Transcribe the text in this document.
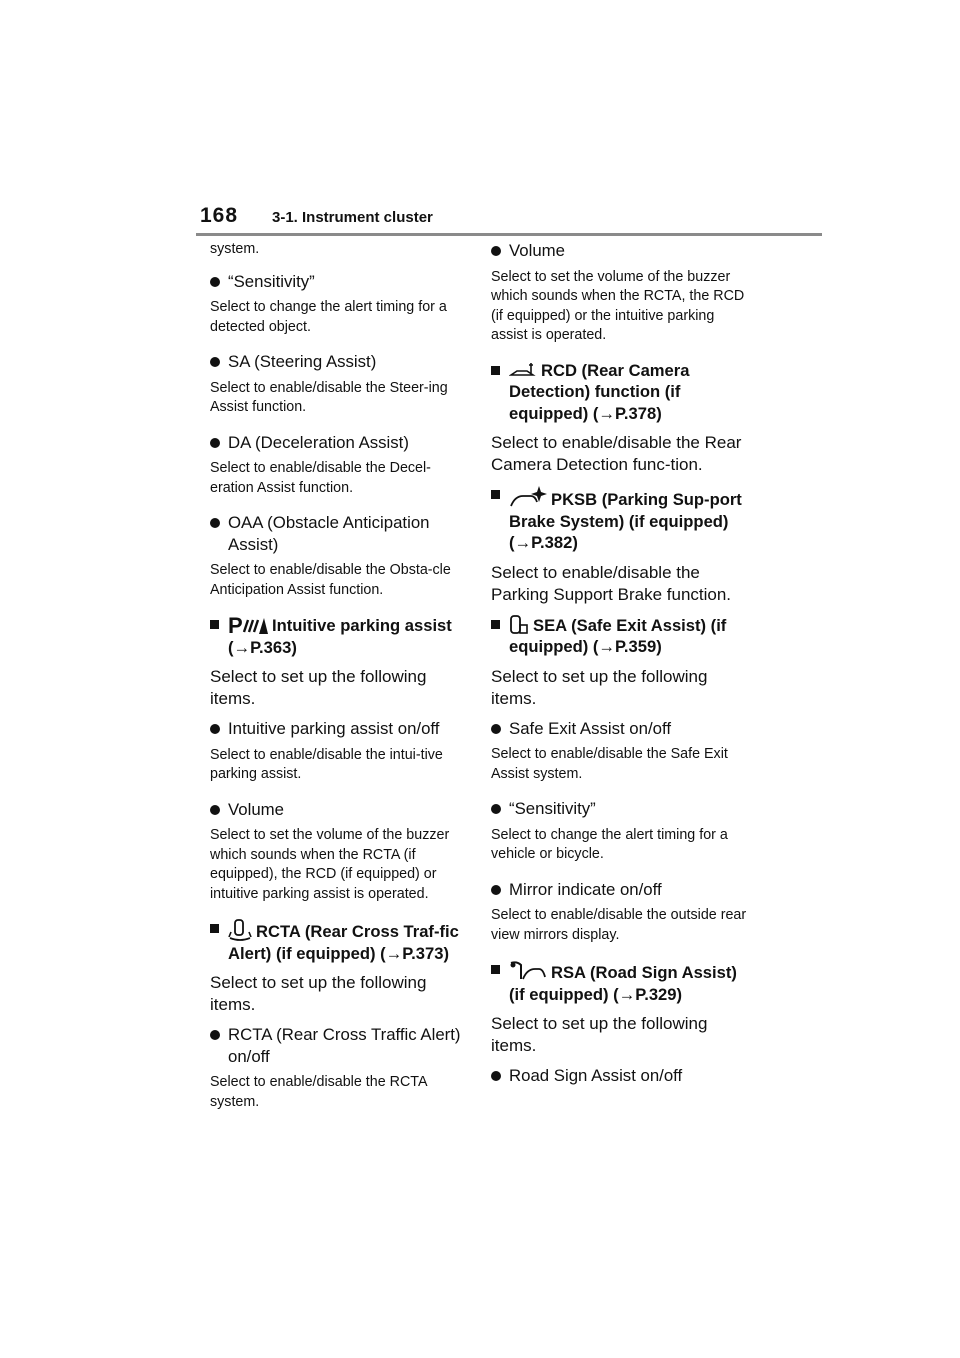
168 3-1. Instrument cluster

system.

“Sensitivity”

Select to change the alert timing for a detected object.

SA (Steering Assist)

Select to enable/disable the Steer-ing Assist function.

DA (Deceleration Assist)

Select to enable/disable the Decel-eration Assist function.

OAA (Obstacle Anticipation Assist)

Select to enable/disable the Obsta-cle Anticipation Assist function.

P Intuitive parking assist (→P.363)

Select to set up the following items.

Intuitive parking assist on/off

Select to enable/disable the intui-tive parking assist.

Volume

Select to set the volume of the buzzer which sounds when the RCTA (if equipped), the RCD (if equipped) or intuitive parking assist is operated.

RCTA (Rear Cross Traf-fic Alert) (if equipped) (→P.373)

Select to set up the following items.

RCTA (Rear Cross Traffic Alert) on/off

Select to enable/disable the RCTA system.

Volume

Select to set the volume of the buzzer which sounds when the RCTA, the RCD (if equipped) or the intuitive parking assist is operated.

RCD (Rear Camera Detection) function (if equipped) (→P.378)

Select to enable/disable the Rear Camera Detection func-tion.

PKSB (Parking Sup-port Brake System) (if equipped) (→P.382)

Select to enable/disable the Parking Support Brake function.

SEA (Safe Exit Assist) (if equipped) (→P.359)

Select to set up the following items.

Safe Exit Assist on/off

Select to enable/disable the Safe Exit Assist system.

“Sensitivity”

Select to change the alert timing for a vehicle or bicycle.

Mirror indicate on/off

Select to enable/disable the outside rear view mirrors display.

RSA (Road Sign Assist) (if equipped) (→P.329)

Select to set up the following items.

Road Sign Assist on/off
